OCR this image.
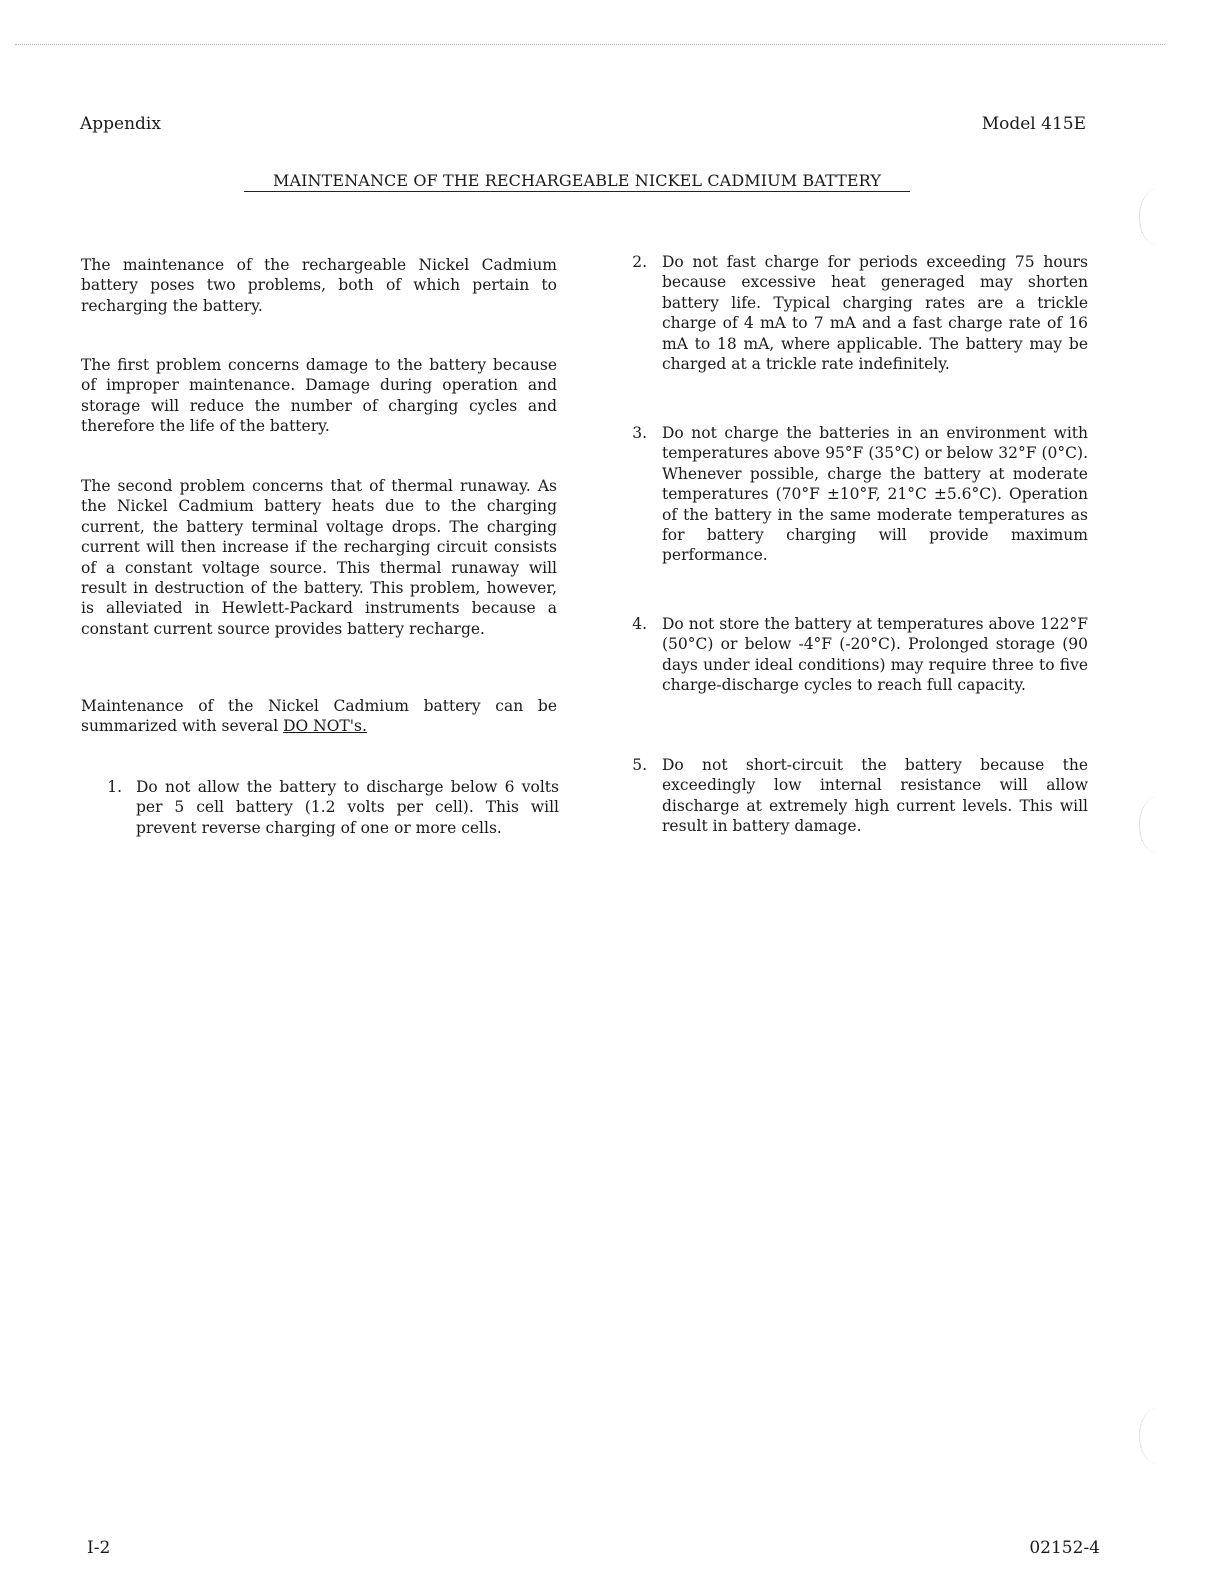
Appendix	Model 415E
MAINTENANCE OF THE RECHARGEABLE NICKEL CADMIUM BATTERY

The maintenance of the rechargeable Nickel Cadmium battery poses two problems, both of which pertain to recharging the battery.

The first problem concerns damage to the battery because of improper maintenance. Damage during operation and storage will reduce the number of charging cycles and therefore the life of the battery.

The second problem concerns that of thermal runaway. As the Nickel Cadmium battery heats due to the charging current, the battery terminal voltage drops. The charging current will then increase if the recharging circuit consists of a constant voltage source. This thermal runaway will result in destruction of the battery. This problem, however, is alleviated in Hewlett-Packard instruments because a constant current source provides battery recharge.

Maintenance of the Nickel Cadmium battery can be summarized with several DO NOT's.

1. Do not allow the battery to discharge below 6 volts per 5 cell battery (1.2 volts per cell). This will prevent reverse charging of one or more cells.

2. Do not fast charge for periods exceeding 75 hours because excessive heat generaged may shorten battery life. Typical charging rates are a trickle charge of 4 mA to 7 mA and a fast charge rate of 16 mA to 18 mA, where applicable. The battery may be charged at a trickle rate indefinitely.

3. Do not charge the batteries in an environment with temperatures above 95°F (35°C) or below 32°F (0°C). Whenever possible, charge the battery at moderate temperatures (70°F ±10°F, 21°C ±5.6°C). Operation of the battery in the same moderate temperatures as for battery charging will provide maximum performance.

4. Do not store the battery at temperatures above 122°F (50°C) or below -4°F (-20°C). Prolonged storage (90 days under ideal conditions) may require three to five charge-discharge cycles to reach full capacity.

5. Do not short-circuit the battery because the exceedingly low internal resistance will allow discharge at extremely high current levels. This will result in battery damage.

I-2	02152-4
